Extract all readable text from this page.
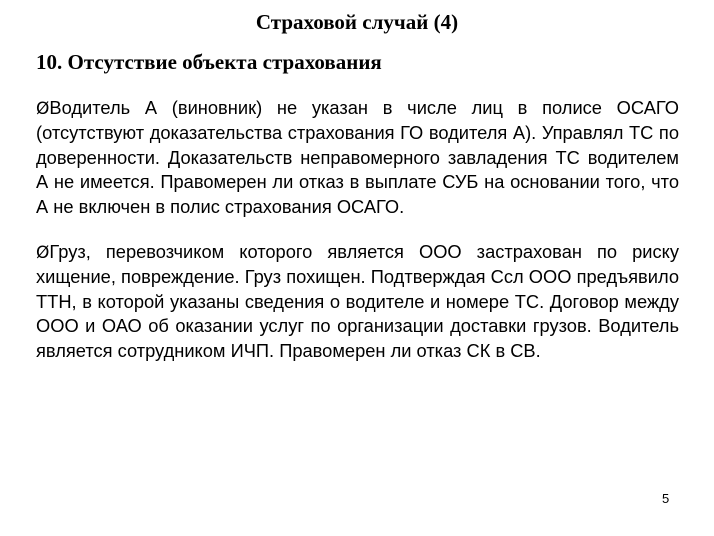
Страховой случай (4)
10. Отсутствие объекта страхования
ØВодитель А (виновник) не указан в числе лиц в полисе ОСАГО (отсутствуют доказательства страхования ГО водителя А). Управлял ТС по доверенности. Доказательств неправомерного завладения ТС водителем А не имеется. Правомерен ли отказ в выплате СУБ на основании того, что А не включен в полис страхования ОСАГО.
ØГруз, перевозчиком которого является ООО застрахован по риску хищение, повреждение. Груз похищен. Подтверждая Ссл ООО предъявило ТТН, в которой указаны сведения о водителе и номере ТС. Договор между ООО и ОАО об оказании услуг по организации доставки грузов. Водитель является сотрудником ИЧП. Правомерен ли отказ СК в СВ.
5
